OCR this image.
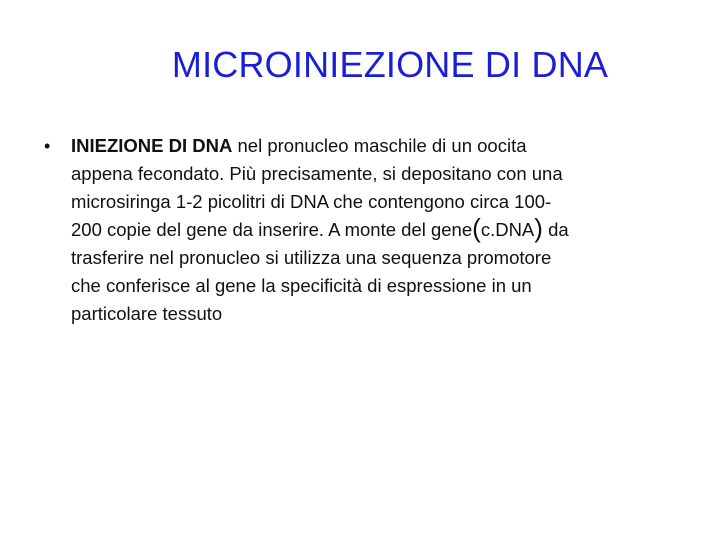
MICROINIEZIONE DI DNA
• INIEZIONE DI DNA nel pronucleo maschile di un oocita
appena fecondato. Più precisamente, si depositano con una
microsiringa 1-2 picolitri di DNA che contengono circa 100-
200 copie del gene da inserire. A monte del gene(c.DNA) da
trasferire nel pronucleo si utilizza una sequenza promotore
che conferisce al gene la specificità di espressione in un
particolare tessuto
